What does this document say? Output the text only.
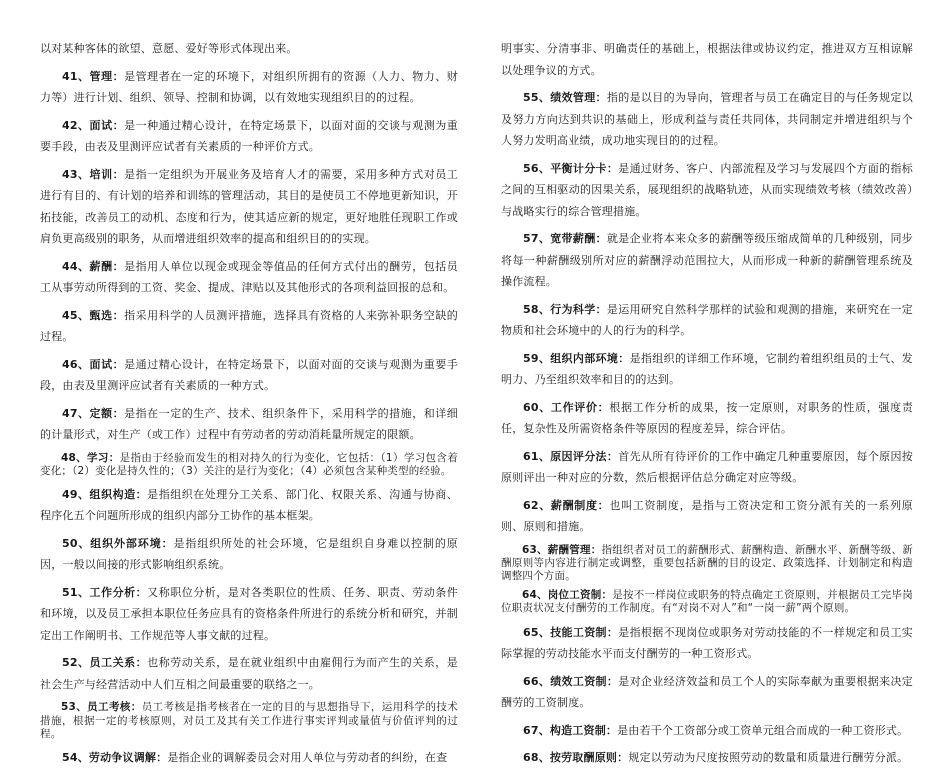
以对某种客体的欲望、意愿、爱好等形式体现出来。

41、管理：是管理者在一定的环境下，对组织所拥有的资源（人力、物力、财力等）进行计划、组织、领导、控制和协调，以有效地实现组织目的的过程。

42、面试：是一种通过精心设计，在特定场景下，以面对面的交谈与观测为重要手段，由表及里测评应试者有关素质的一种评价方式。

43、培训：是指一定组织为开展业务及培育人才的需要，采用多种方式对员工进行有目的、有计划的培养和训练的管理活动，其目的是使员工不停地更新知识，开拓技能，改善员工的动机、态度和行为，使其适应新的规定，更好地胜任现职工作或肩负更高级别的职务，从而增进组织效率的提高和组织目的的实现。

44、薪酬：是指用人单位以现金或现金等值品的任何方式付出的酬劳，包括员工从事劳动所得到的工资、奖金、提成、津贴以及其他形式的各项利益回报的总和。

45、甄选：指采用科学的人员测评措施，选择具有资格的人来弥补职务空缺的过程。

46、面试：是通过精心设计，在特定场景下，以面对面的交谈与观测为重要手段，由表及里测评应试者有关素质的一种方式。

47、定额：是指在一定的生产、技术、组织条件下，采用科学的措施，和详细的计量形式，对生产（或工作）过程中有劳动者的劳动消耗量所规定的限额。

48、学习：是指由于经验而发生的相对持久的行为变化，它包括：（1）学习包含着变化；（2）变化是持久性的；（3）关注的是行为变化；（4）必须包含某种类型的经验。

49、组织构造：是指组织在处理分工关系、部门化、权限关系、沟通与协商、程序化五个问题所形成的组织内部分工协作的基本框架。

50、组织外部环境：是指组织所处的社会环境，它是组织自身难以控制的原因，一般以间接的形式影响组织系统。

51、工作分析：又称职位分析，是对各类职位的性质、任务、职责、劳动条件和环境，以及员工承担本职位任务应具有的资格条件所进行的系统分析和研究，并制定出工作阐明书、工作规范等人事文献的过程。

52、员工关系：也称劳动关系，是在就业组织中由雇佣行为而产生的关系，是社会生产与经营活动中人们互相之间最重要的联络之一。

53、员工考核：员工考核是指考核者在一定的目的与思想指导下，运用科学的技术措施，根据一定的考核原则，对员工及其有关工作进行事实评判或量值与价值评判的过程。

54、劳动争议调解：是指企业的调解委员会对用人单位与劳动者的纠纷，在查

明事实、分清事非、明确责任的基础上，根据法律或协议约定，推进双方互相谅解以处理争议的方式。

55、绩效管理：指的是以目的为导向，管理者与员工在确定目的与任务规定以及努力方向达到共识的基础上，形成利益与责任共同体，共同制定并增进组织与个人努力发明高业绩，成功地实现目的的过程。

56、平衡计分卡：是通过财务、客户、内部流程及学习与发展四个方面的指标之间的互相驱动的因果关系，展现组织的战略轨迹，从而实现绩效考核（绩效改善）与战略实行的综合管理措施。

57、宽带薪酬：就是企业将本来众多的薪酬等级压缩成简单的几种级别，同步将每一种薪酬级别所对应的薪酬浮动范围拉大，从而形成一种新的薪酬管理系统及操作流程。

58、行为科学：是运用研究自然科学那样的试验和观测的措施，来研究在一定物质和社会环境中的人的行为的科学。

59、组织内部环境：是指组织的详细工作环境，它制约着组织组员的士气、发明力、乃至组织效率和目的的达到。

60、工作评价：根据工作分析的成果，按一定原则，对职务的性质，强度责任，复杂性及所需资格条件等原因的程度差异，综合评估。

61、原因评分法：首先从所有待评价的工作中确定几种重要原因，每个原因按原则评出一种对应的分数，然后根据评估总分确定对应等级。

62、薪酬制度：也叫工资制度，是指与工资决定和工资分派有关的一系列原则、原则和措施。

63、薪酬管理：指组织者对员工的薪酬形式、薪酬构造、新酬水平、新酬等级、新酬原则等内容进行制定或调整，重要包括新酬的目的设定、政策选择、计划制定和构造调整四个方面。

64、岗位工资制：是按不一样岗位或职务的特点确定工资原则，并根据员工完毕岗位职责状况支付酬劳的工作制度。有“对岗不对人”和“一岗一薪”两个原则。

65、技能工资制：是指根据不现岗位或职务对劳动技能的不一样规定和员工实际掌握的劳动技能水平而支付酬劳的一种工资形式。

66、绩效工资制：是对企业经济效益和员工个人的实际奉献为重要根据来决定酬劳的工资制度。

67、构造工资制：是由若干个工资部分或工资单元组合而成的一种工资形式。

68、按劳取酬原则：规定以劳动为尺度按照劳动的数量和质量进行酬劳分派。
